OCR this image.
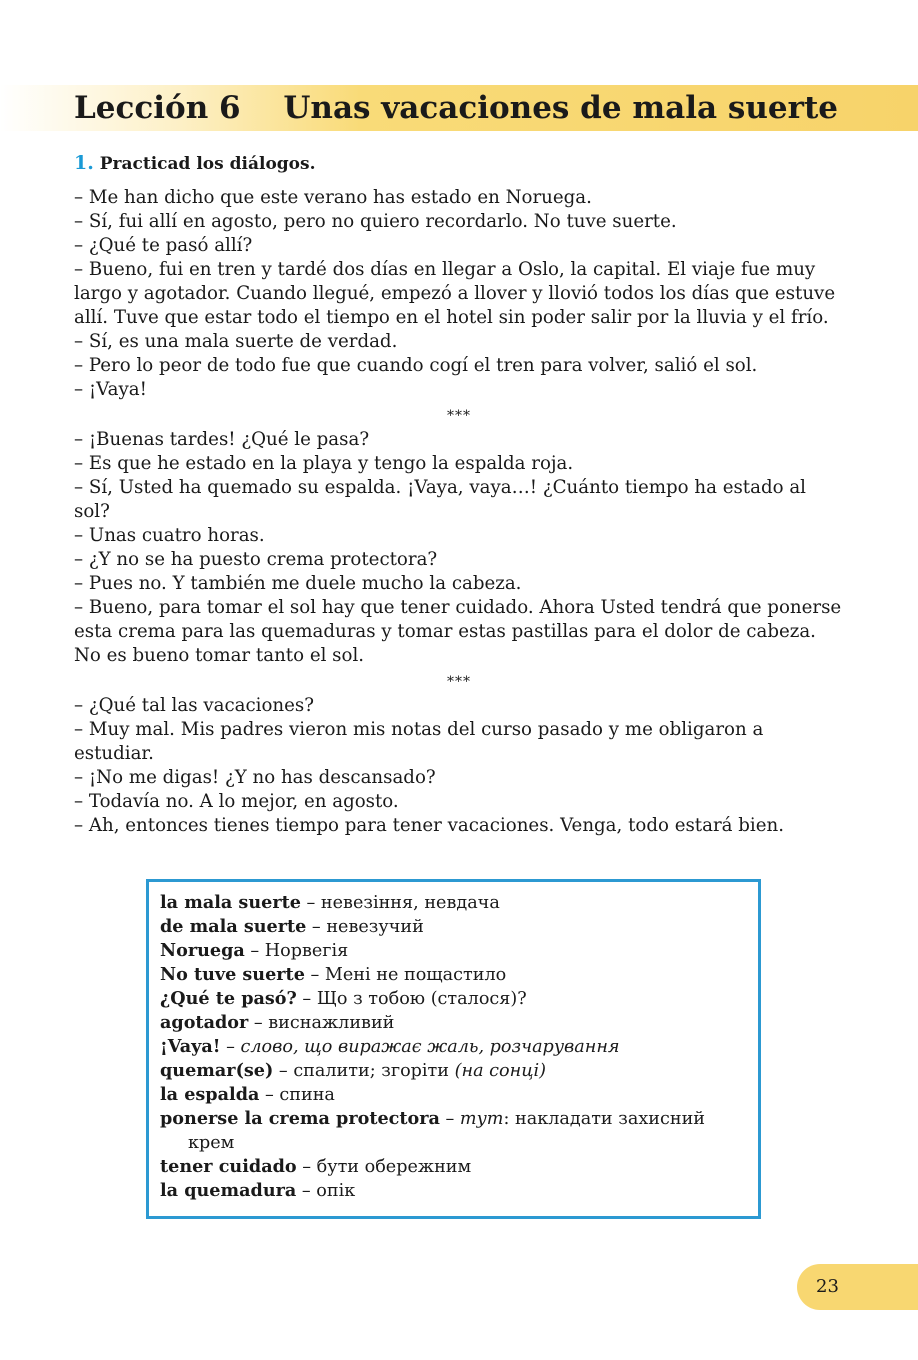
Lección 6 Unas vacaciones de mala suerte
1. Practicad los diálogos.

– Me han dicho que este verano has estado en Noruega.

– Sí, fui allí en agosto, pero no quiero recordarlo. No tuve suerte.

– ¿Qué te pasó allí?

– Bueno, fui en tren y tardé dos días en llegar a Oslo, la capital. El viaje fue muy largo y agotador. Cuando llegué, empezó a llover y llovió todos los días que estuve allí. Tuve que estar todo el tiempo en el hotel sin poder salir por la lluvia y el frío.

– Sí, es una mala suerte de verdad.

– Pero lo peor de todo fue que cuando cogí el tren para volver, salió el sol.

– ¡Vaya!

***

– ¡Buenas tardes! ¿Qué le pasa?

– Es que he estado en la playa y tengo la espalda roja.

– Sí, Usted ha quemado su espalda. ¡Vaya, vaya…! ¿Cuánto tiempo ha estado al sol?

– Unas cuatro horas.

– ¿Y no se ha puesto crema protectora?

– Pues no. Y también me duele mucho la cabeza.

– Bueno, para tomar el sol hay que tener cuidado. Ahora Usted tendrá que ponerse esta crema para las quemaduras y tomar estas pastillas para el dolor de cabeza. No es bueno tomar tanto el sol.

***

– ¿Qué tal las vacaciones?

– Muy mal. Mis padres vieron mis notas del curso pasado y me obligaron a estudiar.

– ¡No me digas! ¿Y no has descansado?

– Todavía no. A lo mejor, en agosto.

– Ah, entonces tienes tiempo para tener vacaciones. Venga, todo estará bien.

la mala suerte – невезіння, невдача

de mala suerte – невезучий

Noruega – Норвегія

No tuve suerte – Мені не пощастило

¿Qué te pasó? – Що з тобою (сталося)?

agotador – виснажливий

¡Vaya! – слово, що виражає жаль, розчарування

quemar(se) – спалити; згоріти (на сонці)

la espalda – спина

ponerse la crema protectora – тут: накладати захисний крем

tener cuidado – бути обережним

la quemadura – опік

23
